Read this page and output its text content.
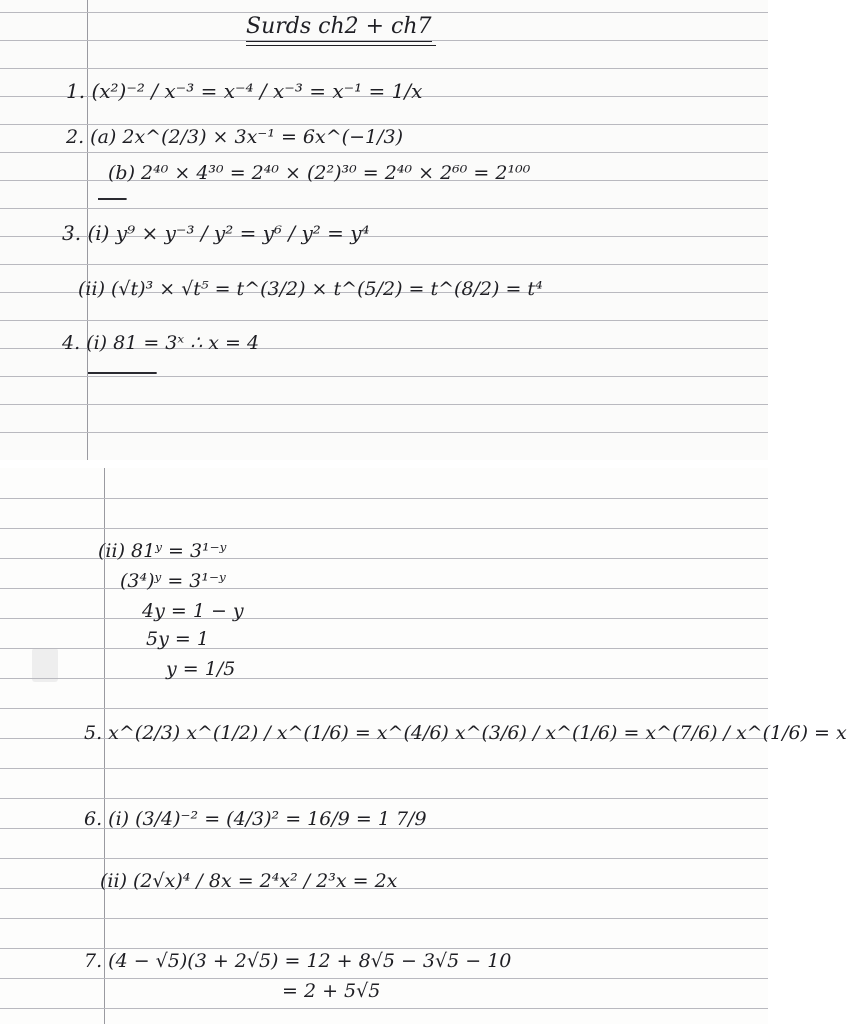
Surds ch2 + ch7
1. (x²)⁻² / x⁻³ = x⁻⁴ / x⁻³ = x⁻¹ = 1/x
2. (a) 2x^(2/3) × 3x⁻¹ = 6x^(−1/3)
(b) 2⁴⁰ × 4³⁰ = 2⁴⁰ × (2²)³⁰ = 2⁴⁰ × 2⁶⁰ = 2¹⁰⁰

3. (i) y⁹ × y⁻³ / y² = y⁶ / y² = y⁴
(ii) (√t)³ × √t⁵ = t^(3/2) × t^(5/2) = t^(8/2) = t⁴
4. (i) 81 = 3ˣ ∴ x = 4

(ii) 81ʸ = 3¹⁻ʸ
(3⁴)ʸ = 3¹⁻ʸ
4y = 1 − y
5y = 1
y = 1/5
5. x^(2/3) x^(1/2) / x^(1/6) = x^(4/6) x^(3/6) / x^(1/6) = x^(7/6) / x^(1/6) = x
6. (i) (3/4)⁻² = (4/3)² = 16/9 = 1 7/9
(ii) (2√x)⁴ / 8x = 2⁴x² / 2³x = 2x
7. (4 − √5)(3 + 2√5) = 12 + 8√5 − 3√5 − 10
= 2 + 5√5
